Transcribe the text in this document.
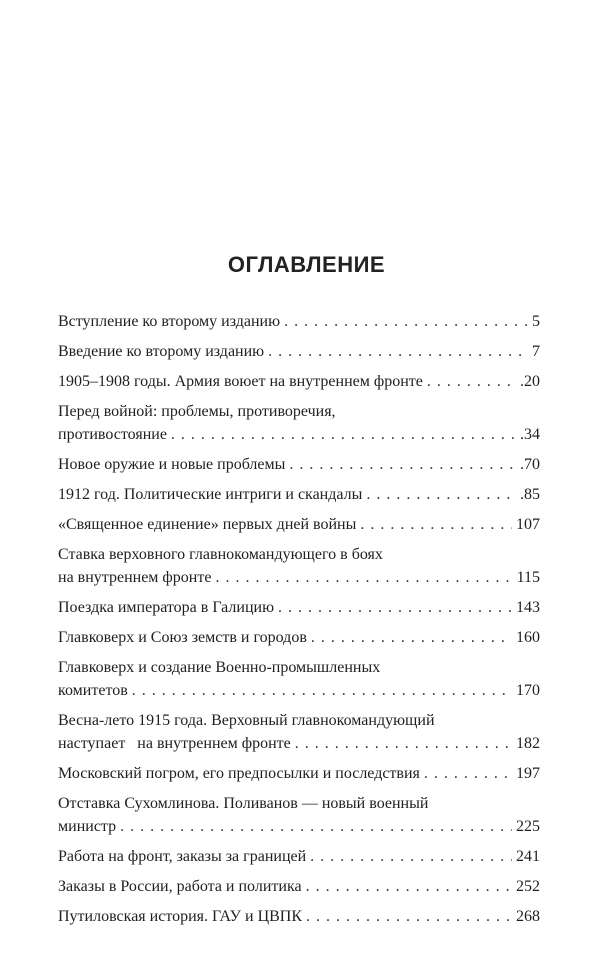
ОГЛАВЛЕНИЕ
Вступление ко второму изданию . . .	5
Введение ко второму изданию . . .	7
1905–1908 годы. Армия воюет на внутреннем фронте . . .	.20
Перед войной: проблемы, противоречия,
противостояние . . .	.34
Новое оружие и новые проблемы . . .	.70
1912 год. Политические интриги и скандалы . . .	.85
«Священное единение» первых дней войны . . .	107
Ставка верховного главнокомандующего в боях
на внутреннем фронте . . .	115
Поездка императора в Галицию . . .	143
Главковерх и Союз земств и городов . . .	160
Главковерх и создание Военно-промышленных
комитетов . . .	170
Весна-лето 1915 года. Верховный главнокомандующий
наступает   на внутреннем фронте . . .	182
Московский погром, его предпосылки и последствия . . .	197
Отставка Сухомлинова. Поливанов — новый военный
министр . . .	225
Работа на фронт, заказы за границей . . .	241
Заказы в России, работа и политика . . .	252
Путиловская история. ГАУ и ЦВПК . . .	268
